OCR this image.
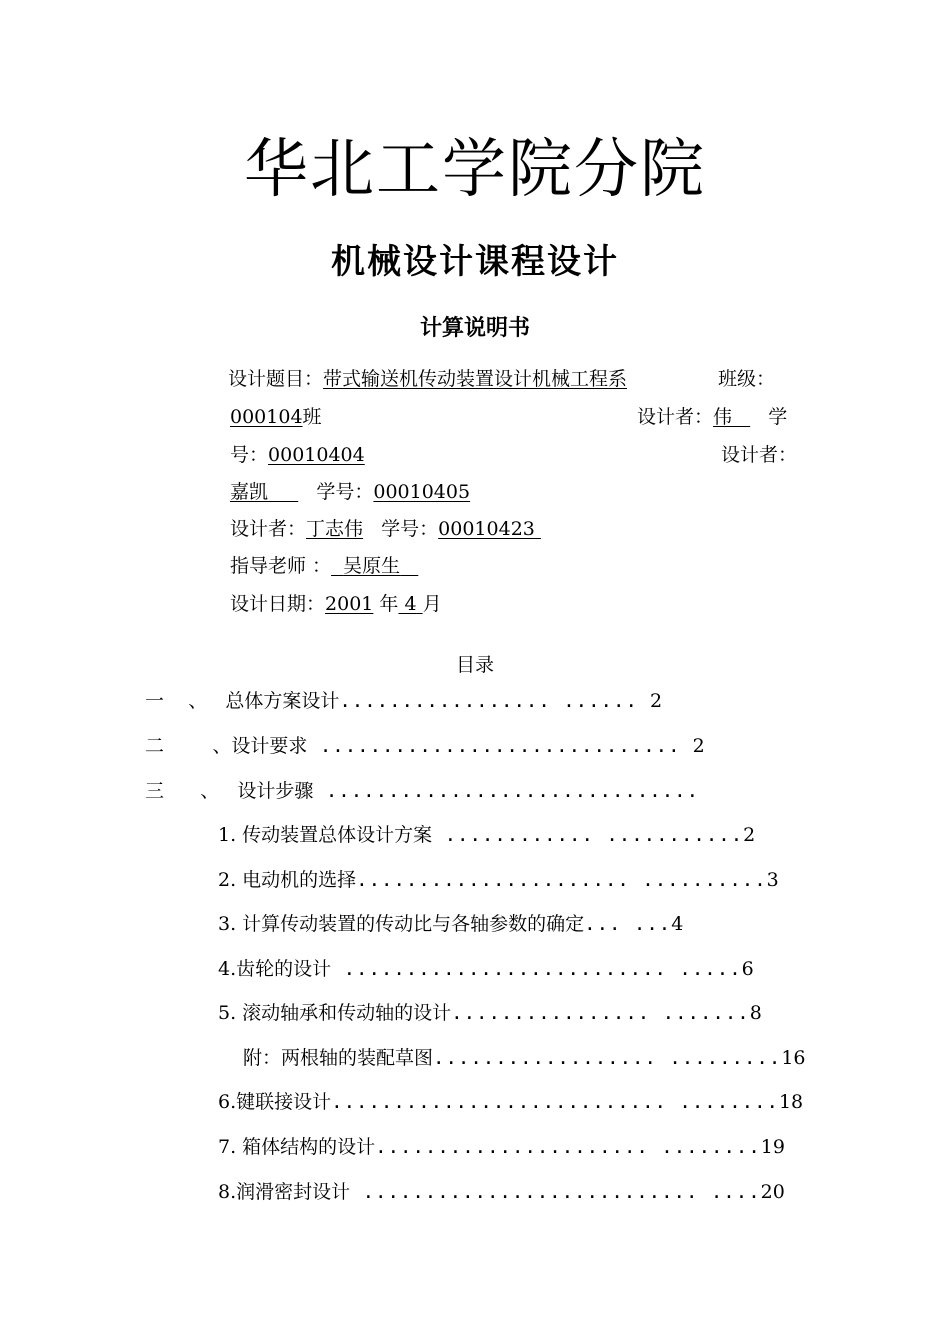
华北工学院分院
机械设计课程设计
计算说明书
设计题目：带式输送机传动装置设计机械工程系	班级：
000104班	设计者：伟 学
号：00010404	设计者：
嘉凯	学号：00010405
设计者：丁志伟 学号：00010423
指导老师 ： 吴原生
设计日期：2001 年 4 月
目录
一 、 总体方案设计................. ...... 2
二	、设计要求 ............................. 2
三 、 设计步骤 ..............................
1. 传动装置总体设计方案 ............ ...........2
2. 电动机的选择...................... ..........3
3. 计算传动装置的传动比与各轴参数的确定... ...4
4.齿轮的设计 .......................... .....6
5. 滚动轴承和传动轴的设计................ .......8
附：两根轴的装配草图.................. .........16
6.键联接设计........................... ........18
7. 箱体结构的设计...................... ........19
8.润滑密封设计 ........................... ....20
